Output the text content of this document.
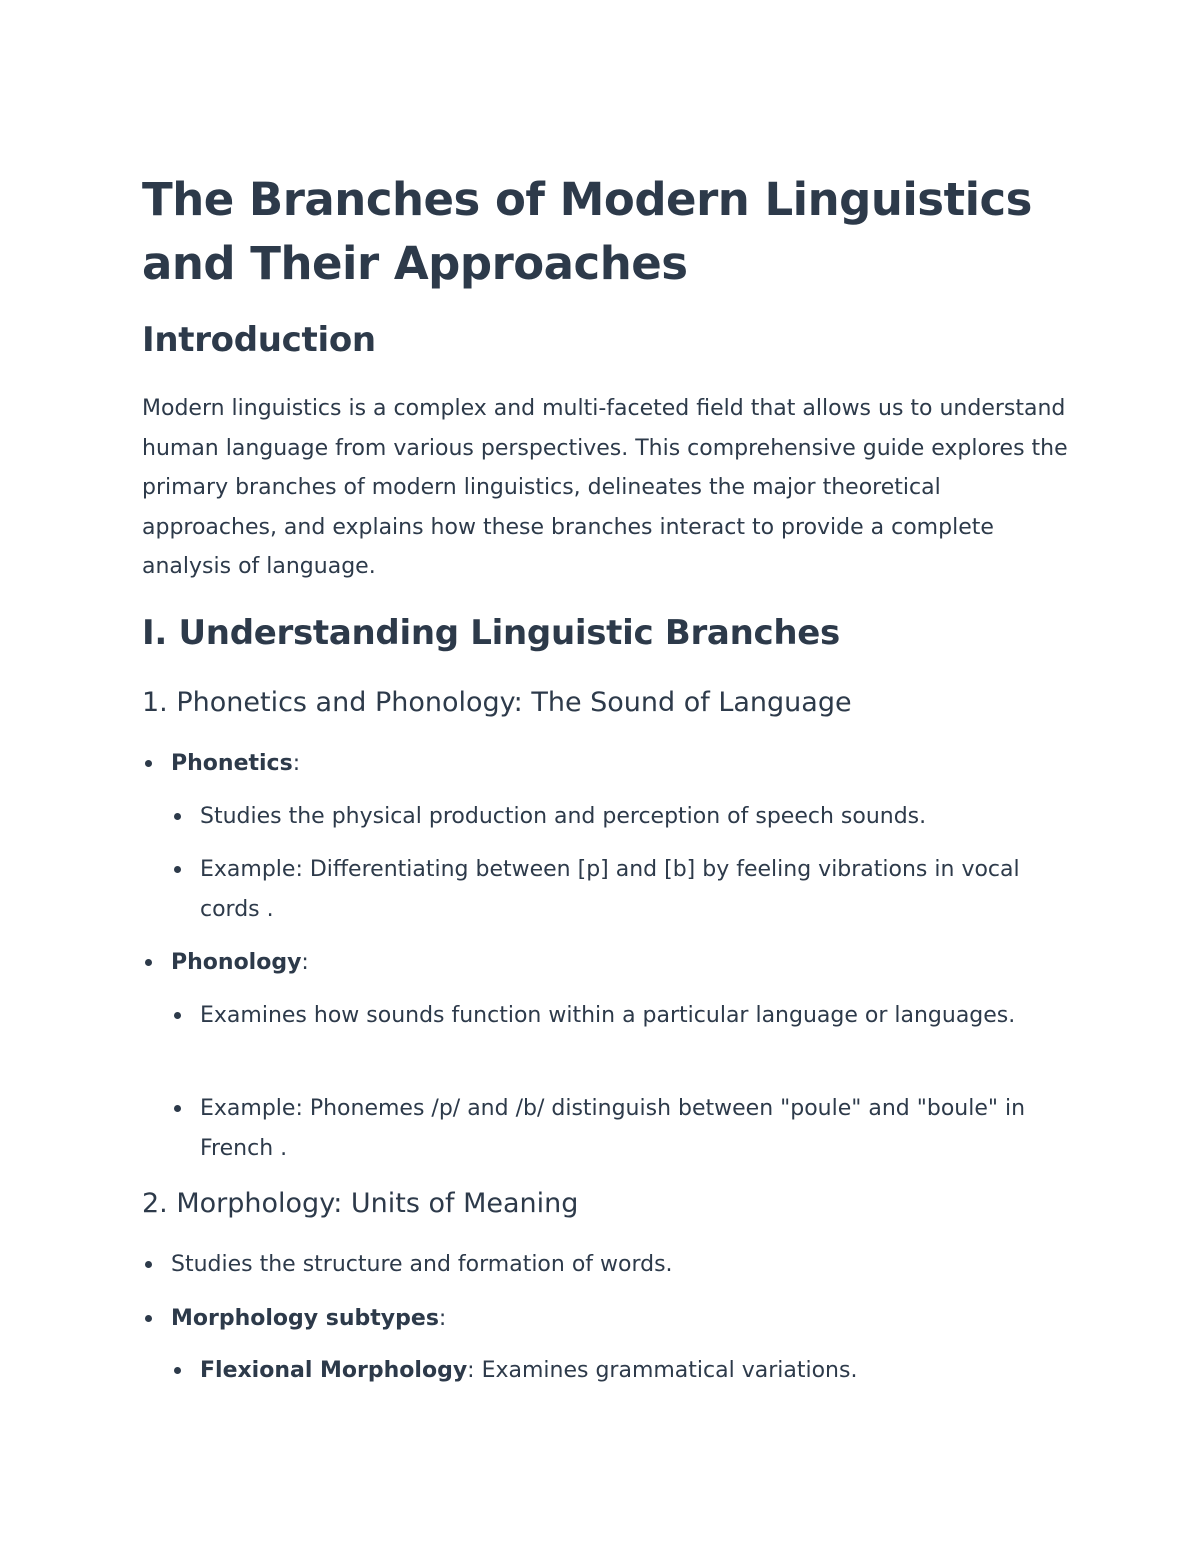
The Branches of Modern Linguistics and Their Approaches
Introduction

Modern linguistics is a complex and multi-faceted field that allows us to understand human language from various perspectives. This comprehensive guide explores the primary branches of modern linguistics, delineates the major theoretical approaches, and explains how these branches interact to provide a complete analysis of language.

I. Understanding Linguistic Branches
1. Phonetics and Phonology: The Sound of Language
Phonetics:
Studies the physical production and perception of speech sounds.
Example: Differentiating between [p] and [b] by feeling vibrations in vocal cords .
Phonology:
Examines how sounds function within a particular language or languages.
Example: Phonemes /p/ and /b/ distinguish between "poule" and "boule" in French .
2. Morphology: Units of Meaning
Studies the structure and formation of words.
Morphology subtypes:
Flexional Morphology: Examines grammatical variations.
